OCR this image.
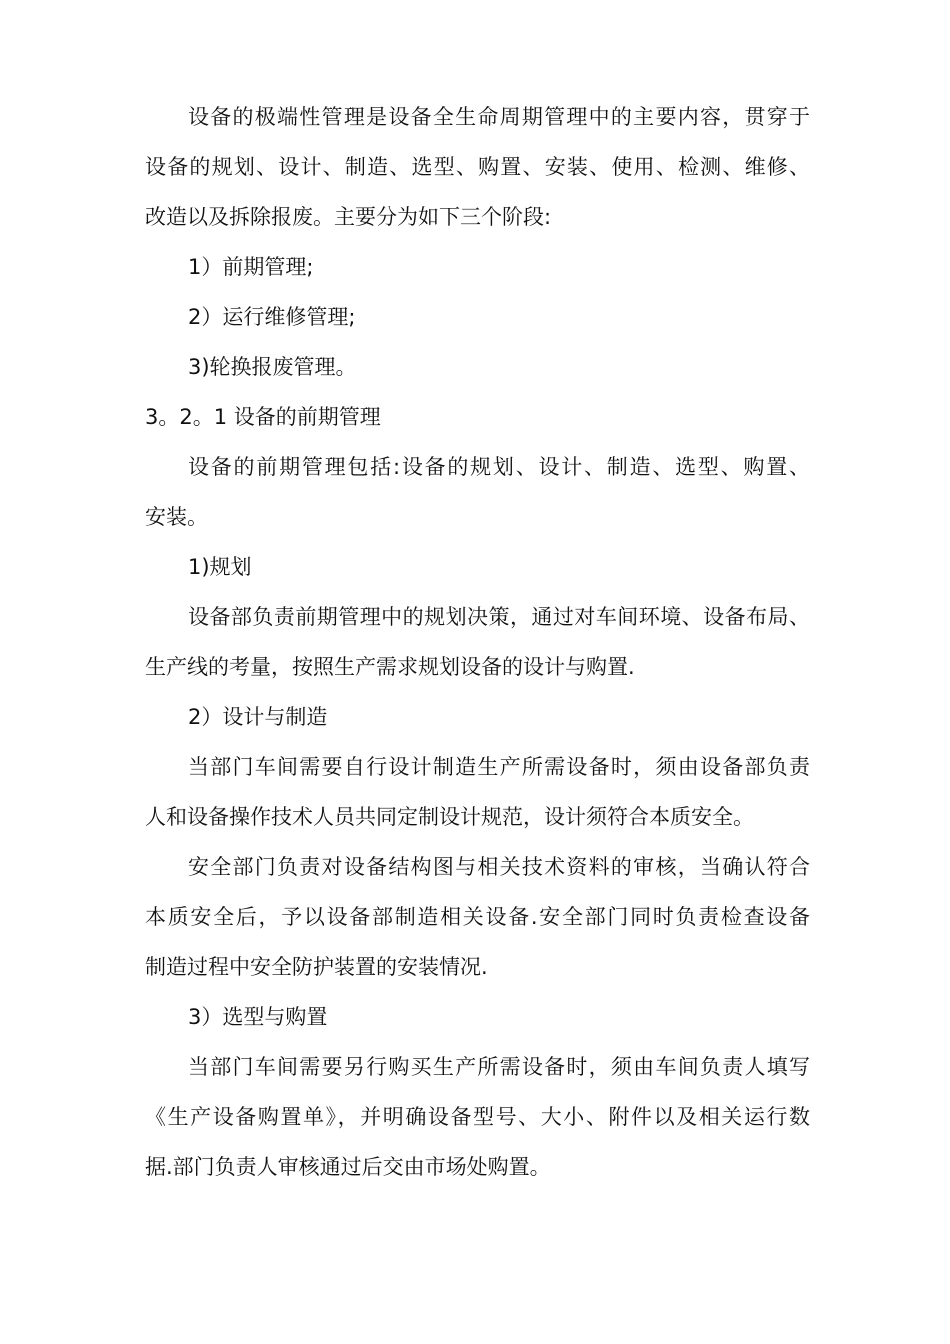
设备的极端性管理是设备全生命周期管理中的主要内容，贯穿于
设备的规划、设计、制造、选型、购置、安装、使用、检测、维修、
改造以及拆除报废。主要分为如下三个阶段:
1）前期管理;
2）运行维修管理;
3)轮换报废管理。
3。2。1 设备的前期管理
设备的前期管理包括:设备的规划、设计、制造、选型、购置、
安装。
1)规划
设备部负责前期管理中的规划决策，通过对车间环境、设备布局、
生产线的考量，按照生产需求规划设备的设计与购置.
2）设计与制造
当部门车间需要自行设计制造生产所需设备时，须由设备部负责
人和设备操作技术人员共同定制设计规范，设计须符合本质安全。
安全部门负责对设备结构图与相关技术资料的审核，当确认符合
本质安全后，予以设备部制造相关设备.安全部门同时负责检查设备
制造过程中安全防护装置的安装情况.
3）选型与购置
当部门车间需要另行购买生产所需设备时，须由车间负责人填写
《生产设备购置单》，并明确设备型号、大小、附件以及相关运行数
据.部门负责人审核通过后交由市场处购置。
